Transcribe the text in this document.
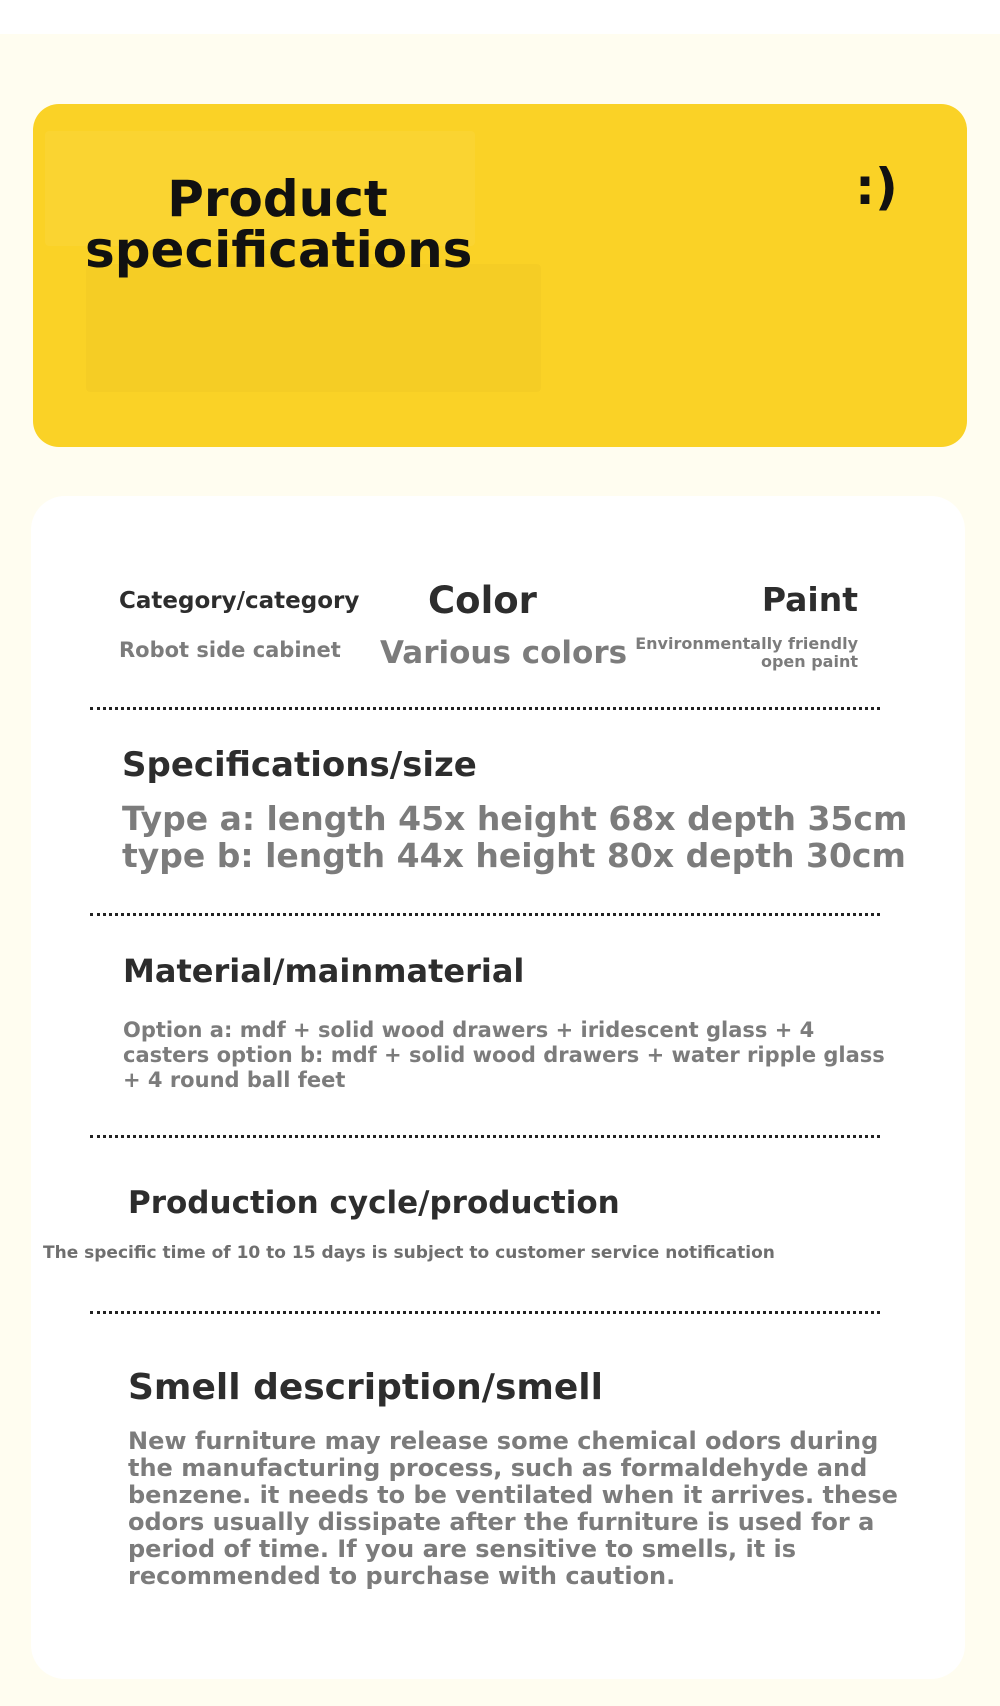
Product specifications
:)
Category/category
Robot side cabinet
Color
Various colors
Paint
Environmentally friendly
open paint
Specifications/size
Type a: length 45x height 68x depth 35cm
type b: length 44x height 80x depth 30cm
Material/mainmaterial
Option a: mdf + solid wood drawers + iridescent glass + 4
casters option b: mdf + solid wood drawers + water ripple glass
+ 4 round ball feet
Production cycle/production
The specific time of 10 to 15 days is subject to customer service notification
Smell description/smell
New furniture may release some chemical odors during
the manufacturing process, such as formaldehyde and
benzene. it needs to be ventilated when it arrives. these
odors usually dissipate after the furniture is used for a
period of time. If you are sensitive to smells, it is
recommended to purchase with caution.
